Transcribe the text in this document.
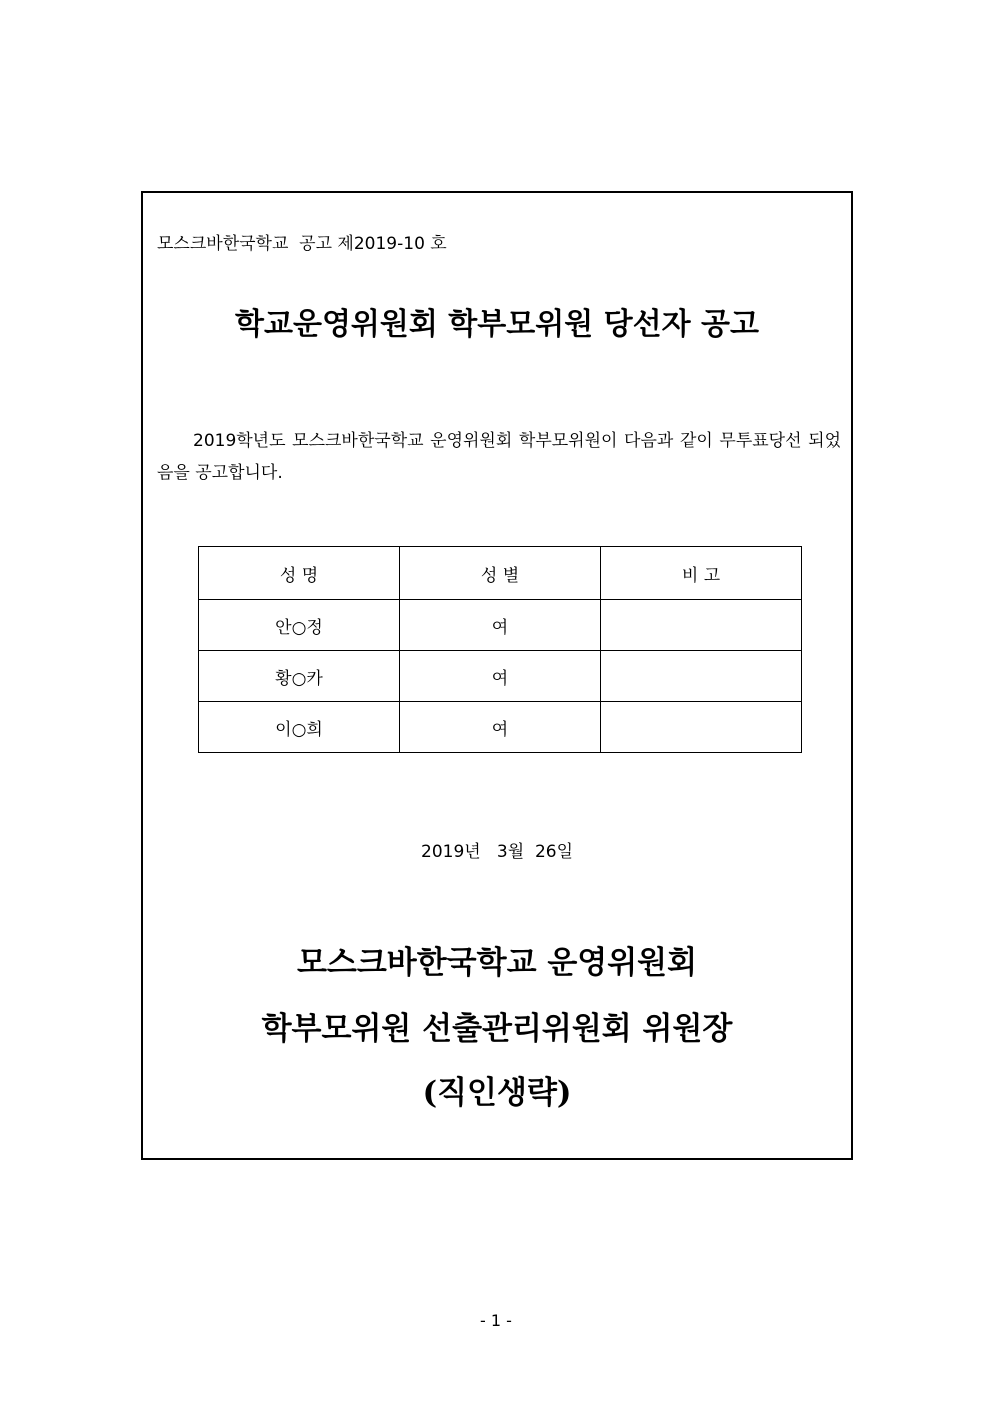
모스크바한국학교  공고 제2019-10 호
학교운영위원회 학부모위원 당선자 공고
2019학년도 모스크바한국학교 운영위원회 학부모위원이 다음과 같이 무투표당선 되었음을 공고합니다.
성 명	성 별	비 고
안○정	여	
황○카	여	
이○희	여	
2019년   3월  26일
모스크바한국학교 운영위원회
학부모위원 선출관리위원회 위원장
(직인생략)
- 1 -
